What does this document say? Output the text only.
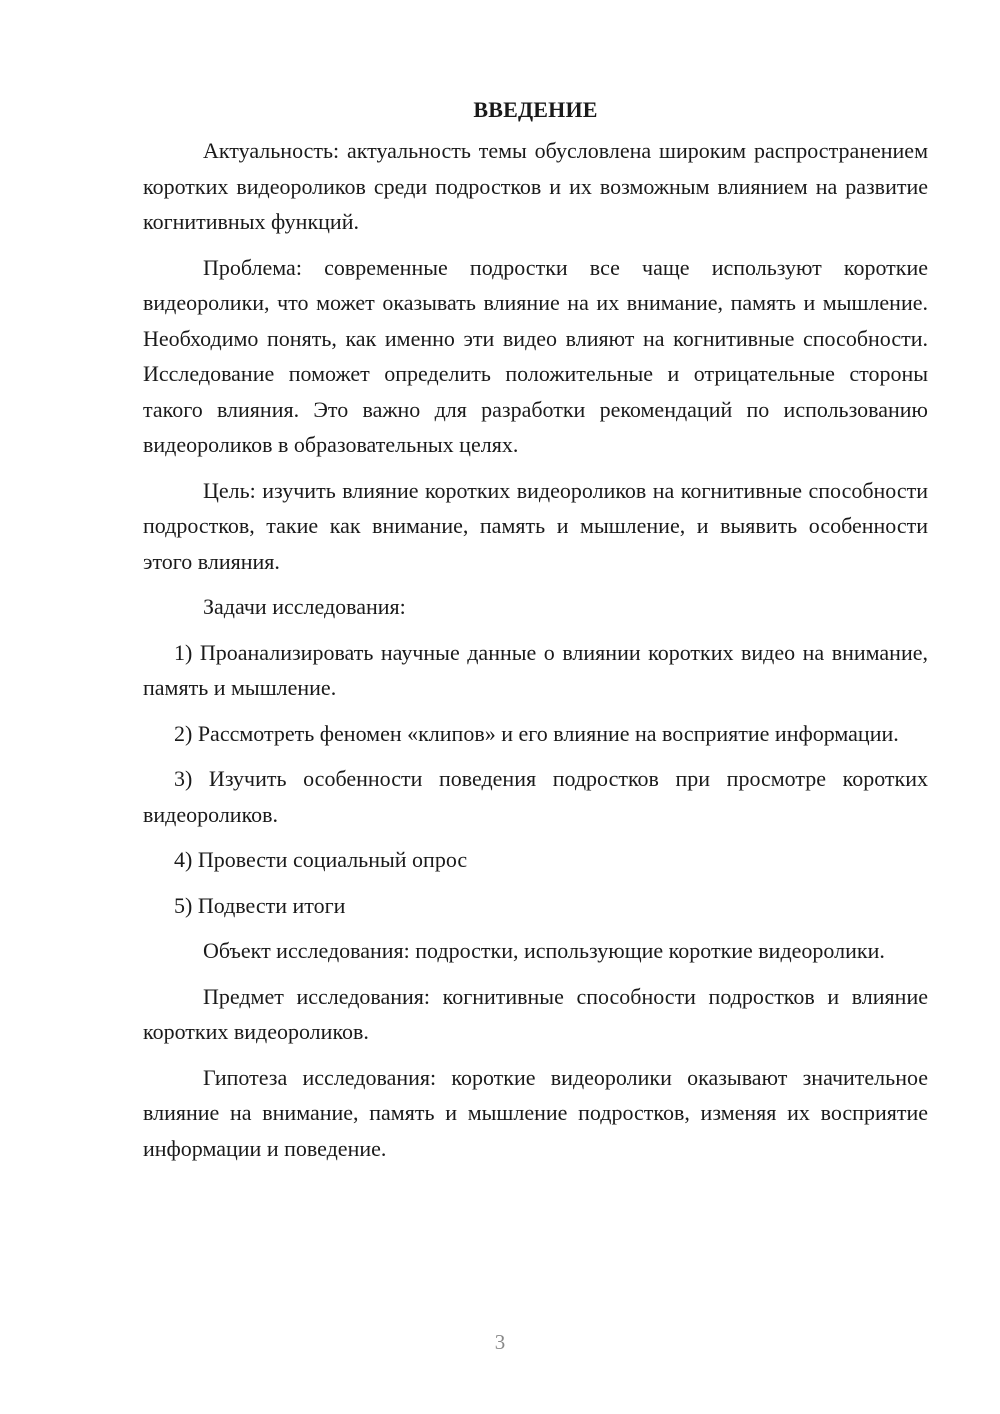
ВВЕДЕНИЕ

Актуальность: актуальность темы обусловлена широким распространением коротких видеороликов среди подростков и их возможным влиянием на развитие когнитивных функций.

Проблема: современные подростки все чаще используют короткие видеоролики, что может оказывать влияние на их внимание, память и мышление. Необходимо понять, как именно эти видео влияют на когнитивные способности. Исследование поможет определить положительные и отрицательные стороны такого влияния. Это важно для разработки рекомендаций по использованию видеороликов в образовательных целях.

Цель: изучить влияние коротких видеороликов на когнитивные способности подростков, такие как внимание, память и мышление, и выявить особенности этого влияния.

Задачи исследования:

1) Проанализировать научные данные о влиянии коротких видео на внимание, память и мышление.

2) Рассмотреть феномен «клипов» и его влияние на восприятие информации.

3) Изучить особенности поведения подростков при просмотре коротких видеороликов.

4) Провести социальный опрос

5) Подвести итоги

Объект исследования: подростки, использующие короткие видеоролики.

Предмет исследования: когнитивные способности подростков и влияние коротких видеороликов.

Гипотеза исследования: короткие видеоролики оказывают значительное влияние на внимание, память и мышление подростков, изменяя их восприятие информации и поведение.

3
